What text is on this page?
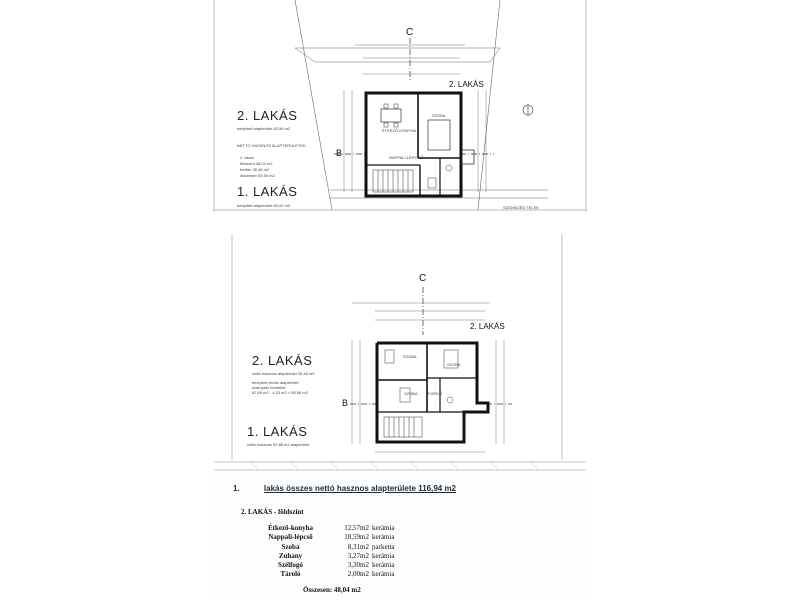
C
B
2. LAKÁS
2. LAKÁS
1. LAKÁS
beépített alapterület 62,59 m2
NETTÓ HASZNOS ALAPTERÜLETEK
2. lakás
földszint 48,04 m2
tetőtér 35,46 m2
összesen 83,50 m2
beépített alapterület 60,92 m2
ÉTKEZŐ-KONYHA
SZOBA
NAPPALI-LÉPCSŐ
SZOMSZÉD TELEK
C
B
2. LAKÁS
2. LAKÁS
nettó hasznos alapterület 35,46 m2
beépített bruttó alapterület
szárnyékí területtel
62,59 m2 - 4,03 m2 = 58,56 m2
1. LAKÁS
nettó hasznos 50,85 m2 alapterület
SZOBA
SZOBA
SZOBA	FÜRDŐ
1.	lakás összes nettó hasznos alapterülete 116,94 m2
2. LAKÁS - földszint
Étkező-konyha	12,57m2	kerámia
Nappali-lépcső	18,59m2	kerámia
Szoba	8,31m2	parketta
Zuhany	3,27m2	kerámia
Szélfogó	3,30m2	kerámia
Tároló	2,00m2	kerámia
Összesen: 48,04 m2
